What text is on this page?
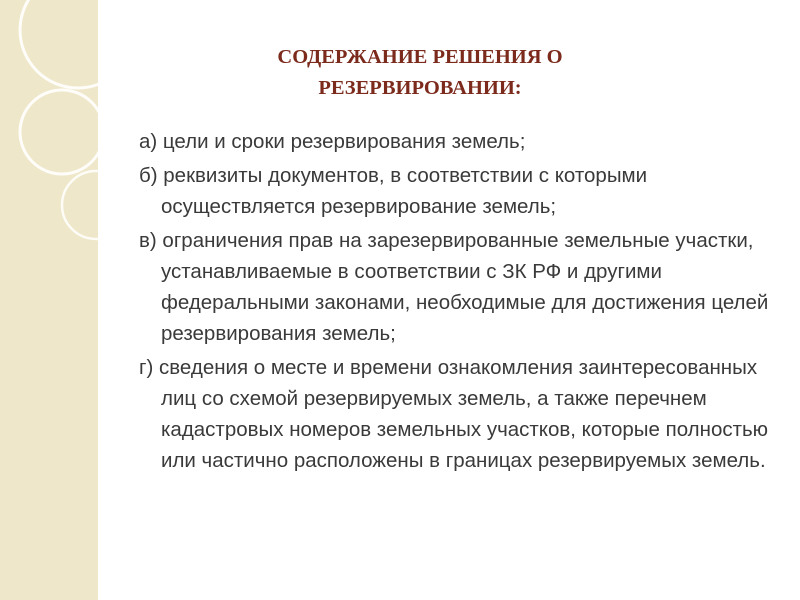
СОДЕРЖАНИЕ РЕШЕНИЯ О
РЕЗЕРВИРОВАНИИ:
а) цели и сроки резервирования земель;
б) реквизиты документов, в соответствии с которыми осуществляется резервирование земель;
в) ограничения прав на зарезервированные земельные участки, устанавливаемые в соответствии с ЗК РФ и другими федеральными законами, необходимые для достижения целей резервирования земель;
г) сведения о месте и времени ознакомления заинтересованных лиц со схемой резервируемых земель, а также перечнем кадастровых номеров земельных участков, которые полностью или частично расположены в границах резервируемых земель.
